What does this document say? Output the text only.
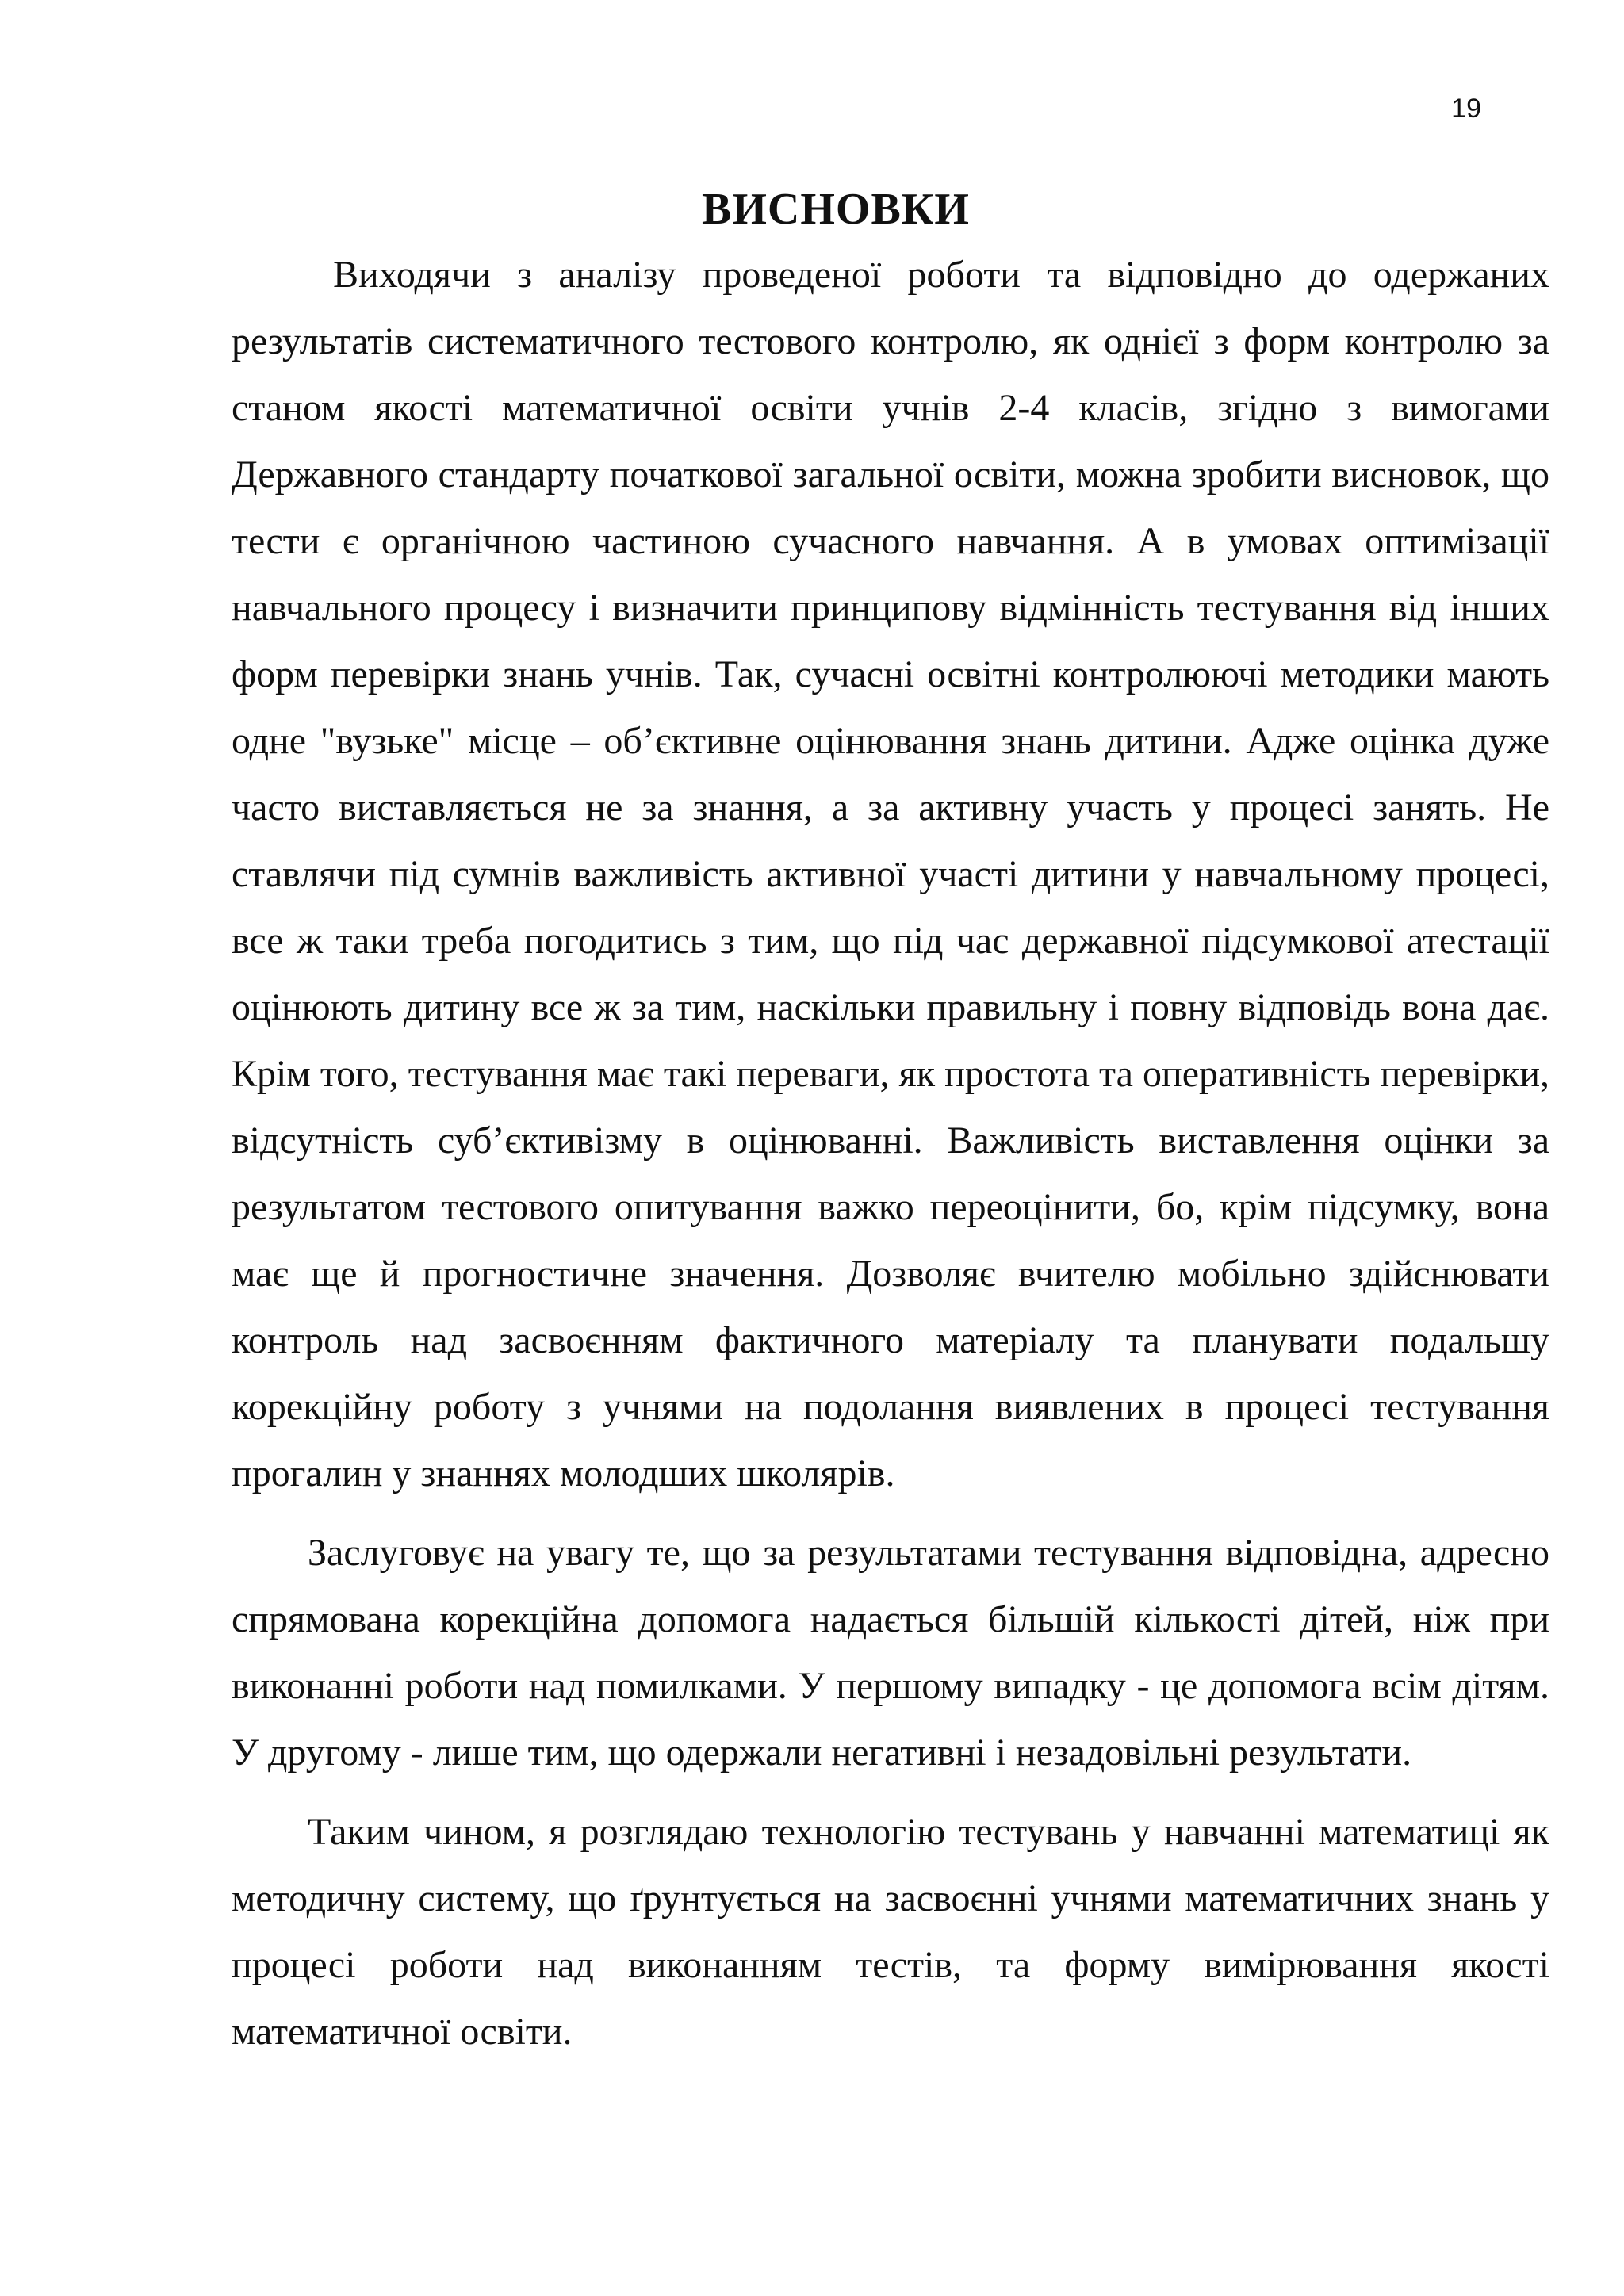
19
ВИСНОВКИ

Виходячи з аналізу проведеної роботи та відповідно до одержаних результатів систематичного тестового контролю, як однієї з форм контролю за станом якості математичної освіти учнів 2-4 класів, згідно з вимогами Державного стандарту початкової загальної освіти, можна зробити висновок, що тести є органічною частиною сучасного навчання. А в умовах оптимізації навчального процесу і визначити принципову відмінність тестування від інших форм перевірки знань учнів. Так, сучасні освітні контролюючі методики мають одне "вузьке" місце – об’єктивне оцінювання знань дитини. Адже оцінка дуже часто виставляється не за знання, а за активну участь у процесі занять. Не ставлячи під сумнів важливість активної участі дитини у навчальному процесі, все ж таки треба погодитись з тим, що під час державної підсумкової атестації оцінюють дитину все ж за тим, наскільки правильну і повну відповідь вона дає. Крім того, тестування має такі переваги, як простота та оперативність перевірки, відсутність суб’єктивізму в оцінюванні. Важливість виставлення оцінки за результатом тестового опитування важко переоцінити, бо, крім підсумку, вона має ще й прогностичне значення. Дозволяє вчителю мобільно здійснювати контроль над засвоєнням фактичного матеріалу та планувати подальшу корекційну роботу з учнями на подолання виявлених в процесі тестування прогалин у знаннях молодших школярів.

Заслуговує на увагу те, що за результатами тестування відповідна, адресно спрямована корекційна допомога надається більшій кількості дітей, ніж при виконанні роботи над помилками. У першому випадку - це допомога всім дітям. У другому - лише тим, що одержали негативні і незадовільні результати.

Таким чином, я розглядаю технологію тестувань у навчанні математиці як методичну систему, що ґрунтується на засвоєнні учнями математичних знань у процесі роботи над виконанням тестів, та форму вимірювання якості математичної освіти.
